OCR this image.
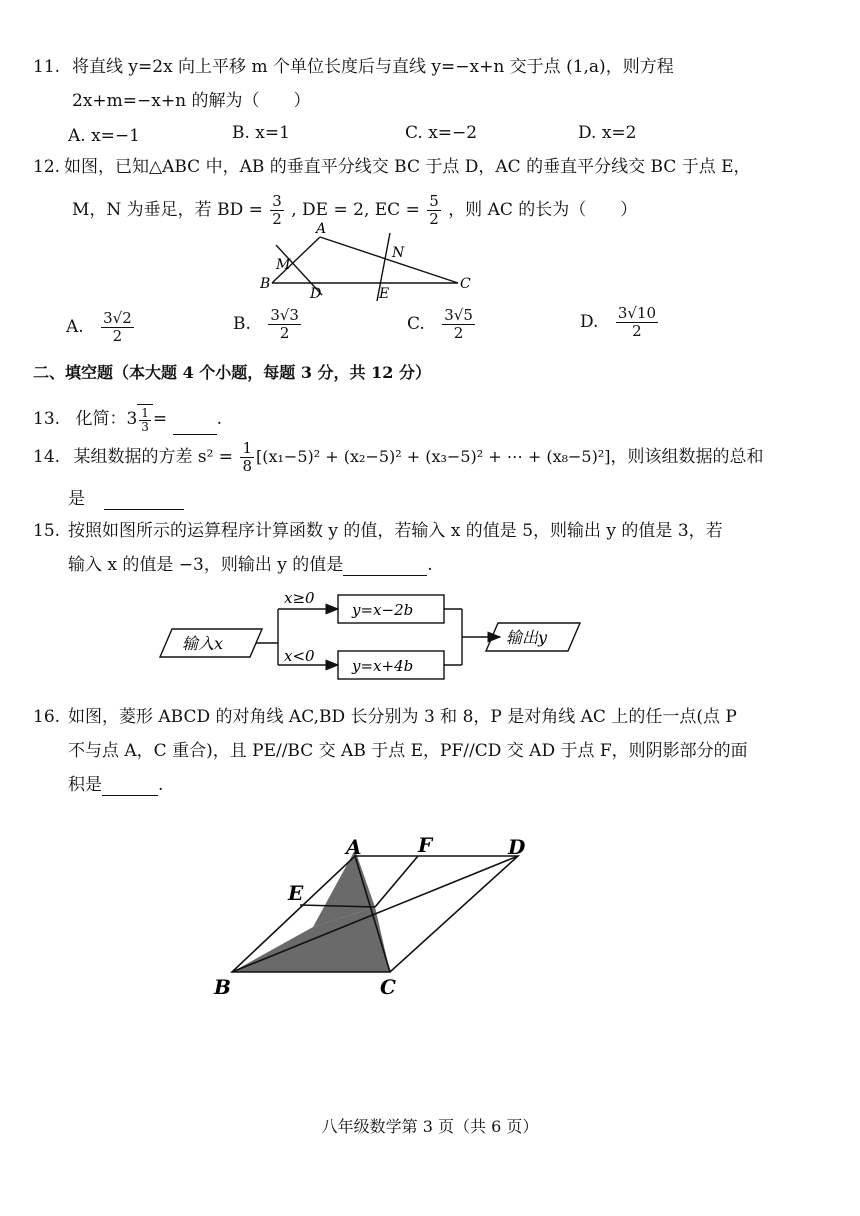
11. 将直线 y=2x 向上平移 m 个单位长度后与直线 y=−x+n 交于点 (1,a)，则方程
2x+m=−x+n 的解为（　　）
A. x=−1	B. x=1	C. x=−2	D. x=2
12. 如图，已知△ABC 中，AB 的垂直平分线交 BC 于点 D，AC 的垂直平分线交 BC 于点 E，
M，N 为垂足，若 BD = $\frac{3}{2}$ , DE = 2, EC = $\frac{5}{2}$ ，则 AC 的长为（　　）
A
B	C
D	E
M
N
A. $\frac{3√2}{2}$	B. $\frac{3√3}{2}$	C. $\frac{3√5}{2}$	D. $\frac{3√10}{2}$
二、填空题（本大题 4 个小题，每题 3 分，共 12 分）
13. 化简：$3 \frac{1}{3}$ =	.
14. 某组数据的方差 $s^2 = \frac{1}{8} [(x_1-5)^2 + (x_2-5)^2 + (x_3-5)^2$ + ⋯ + (x₈−5)²]，则该组数据的总和
是
15. 按照如图所示的运算程序计算函数 y 的值，若输入 x 的值是 5，则输出 y 的值是 3，若
输入 x 的值是 −3，则输出 y 的值是	.
输入x
x≥0
x<0
y=x−2b
y=x+4b
输出y
16. 如图，菱形 ABCD 的对角线 AC,BD 长分别为 3 和 8，P 是对角线 AC 上的任一点(点 P
不与点 A，C 重合)，且 PE//BC 交 AB 于点 E，PF//CD 交 AD 于点 F，则阴影部分的面
积是	.
A
B	C
D
E
F
八年级数学第 3 页（共 6 页）
